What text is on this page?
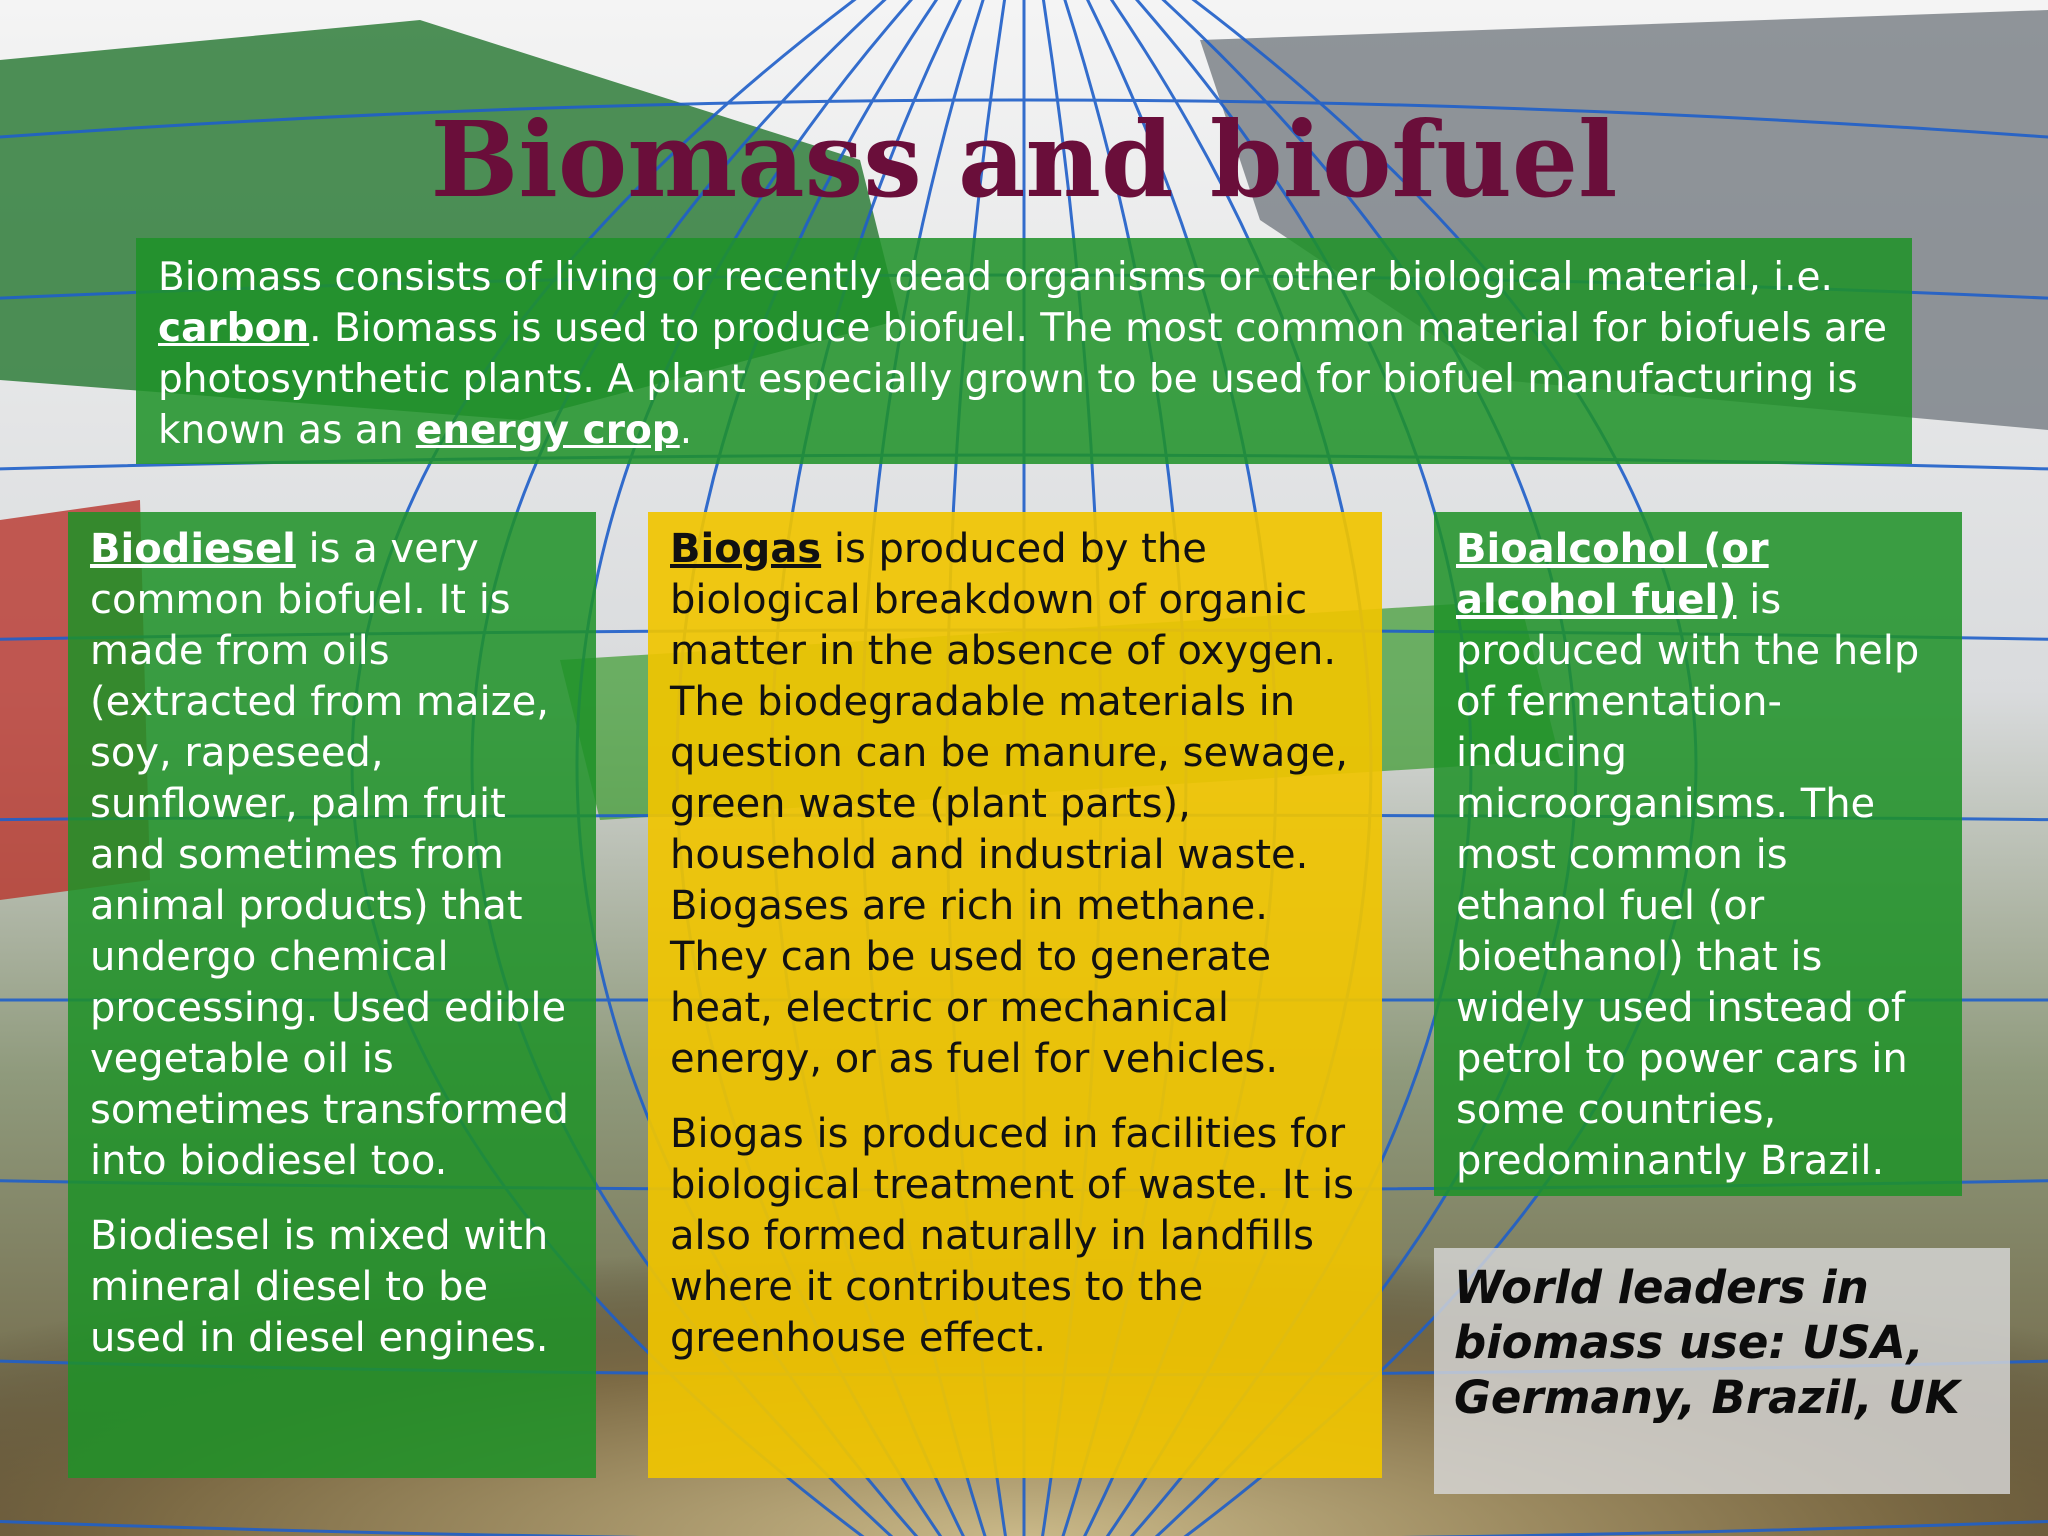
Biomass and biofuel

Biomass consists of living or recently dead organisms or other biological material, i.e. carbon. Biomass is used to produce biofuel. The most common material for biofuels are photosynthetic plants. A plant especially grown to be used for biofuel manufacturing is known as an energy crop.

Biodiesel is a very common biofuel. It is made from oils (extracted from maize, soy, rapeseed, sunflower, palm fruit and sometimes from animal products) that undergo chemical processing. Used edible vegetable oil is sometimes transformed into biodiesel too.

Biodiesel is mixed with mineral diesel to be used in diesel engines.

Biogas is produced by the biological breakdown of organic matter in the absence of oxygen. The biodegradable materials in question can be manure, sewage, green waste (plant parts), household and industrial waste. Biogases are rich in methane. They can be used to generate heat, electric or mechanical energy, or as fuel for vehicles.

Biogas is produced in facilities for biological treatment of waste. It is also formed naturally in landfills where it contributes to the greenhouse effect.

Bioalcohol (or alcohol fuel) is produced with the help of fermentation-inducing microorganisms. The most common is ethanol fuel (or bioethanol) that is widely used instead of petrol to power cars in some countries, predominantly Brazil.

World leaders in biomass use: USA, Germany, Brazil, UK
